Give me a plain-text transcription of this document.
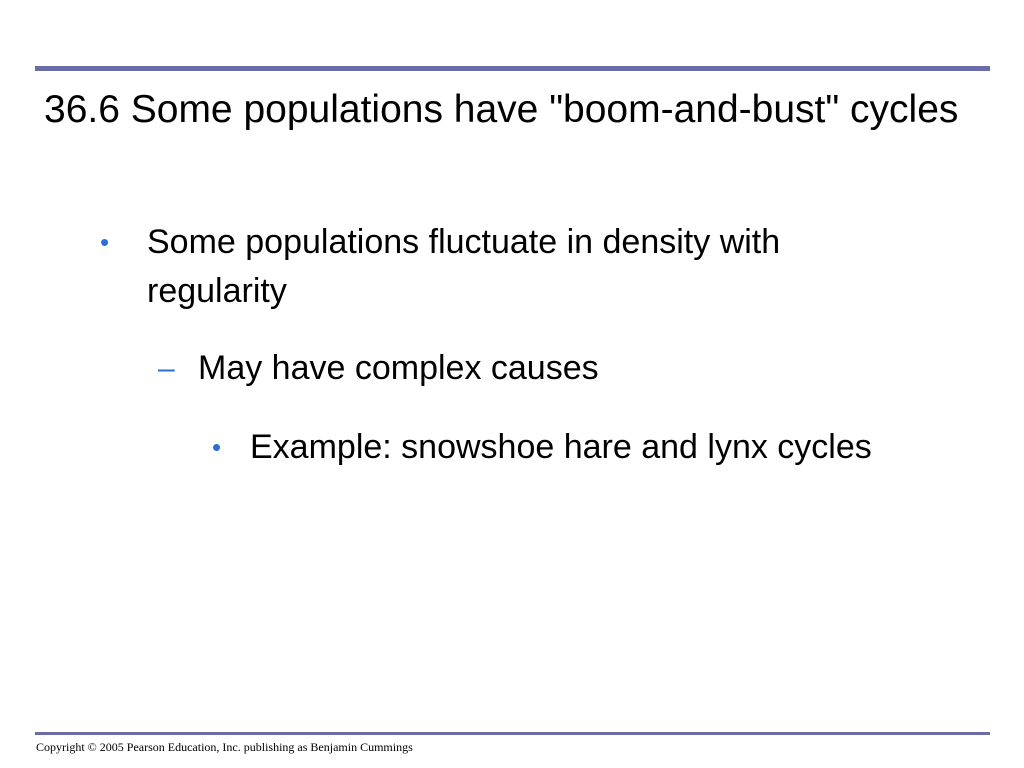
36.6 Some populations have "boom-and-bust" cycles
•	Some populations fluctuate in density with regularity
– May have complex causes
• Example: snowshoe hare and lynx cycles
Copyright © 2005 Pearson Education, Inc. publishing as Benjamin Cummings
